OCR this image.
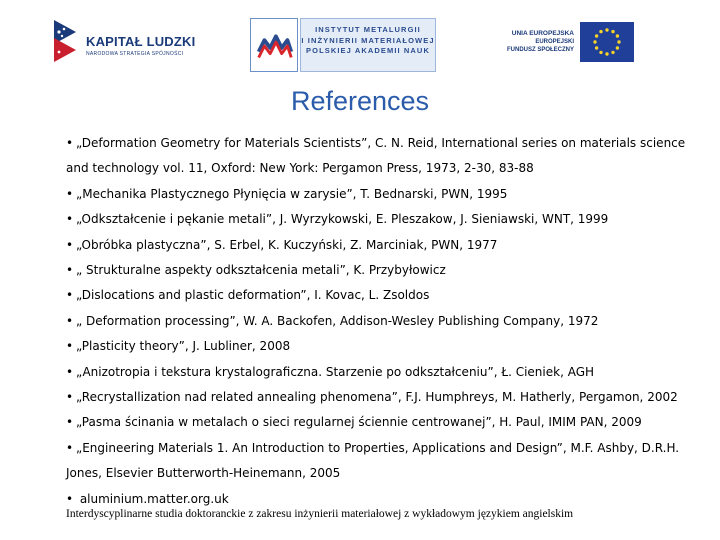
KAPITAŁ LUDZKI
NARODOWA STRATEGIA SPÓJNOŚCI
INSTYTUT METALURGII
I INŻYNIERII MATERIAŁOWEJ
POLSKIEJ AKADEMII NAUK
UNIA EUROPEJSKA
EUROPEJSKI
FUNDUSZ SPOŁECZNY
References
• „Deformation Geometry for Materials Scientists”, C. N. Reid, International series on materials science and technology vol. 11, Oxford: New York: Pergamon Press, 1973, 2-30, 83-88
• „Mechanika Plastycznego Płynięcia w zarysie”, T. Bednarski, PWN, 1995
• „Odkształcenie i pękanie metali”, J. Wyrzykowski, E. Pleszakow, J. Sieniawski, WNT, 1999
• „Obróbka plastyczna”, S. Erbel, K. Kuczyński, Z. Marciniak, PWN, 1977
• „ Strukturalne aspekty odkształcenia metali”, K. Przybyłowicz
• „Dislocations and plastic deformation”, I. Kovac, L. Zsoldos
• „ Deformation processing”, W. A. Backofen, Addison-Wesley Publishing Company, 1972
• „Plasticity theory”, J. Lubliner, 2008
• „Anizotropia i tekstura krystalograficzna. Starzenie po odkształceniu”, Ł. Cieniek, AGH
• „Recrystallization nad related annealing phenomena”, F.J. Humphreys, M. Hatherly, Pergamon, 2002
• „Pasma ścinania w metalach o sieci regularnej ściennie centrowanej”, H. Paul, IMIM PAN, 2009
• „Engineering Materials 1. An Introduction to Properties, Applications and Design”, M.F. Ashby, D.R.H. Jones, Elsevier Butterworth-Heinemann, 2005
• aluminium.matter.org.uk
Interdyscyplinarne studia doktoranckie z zakresu inżynierii materiałowej z wykładowym językiem angielskim
